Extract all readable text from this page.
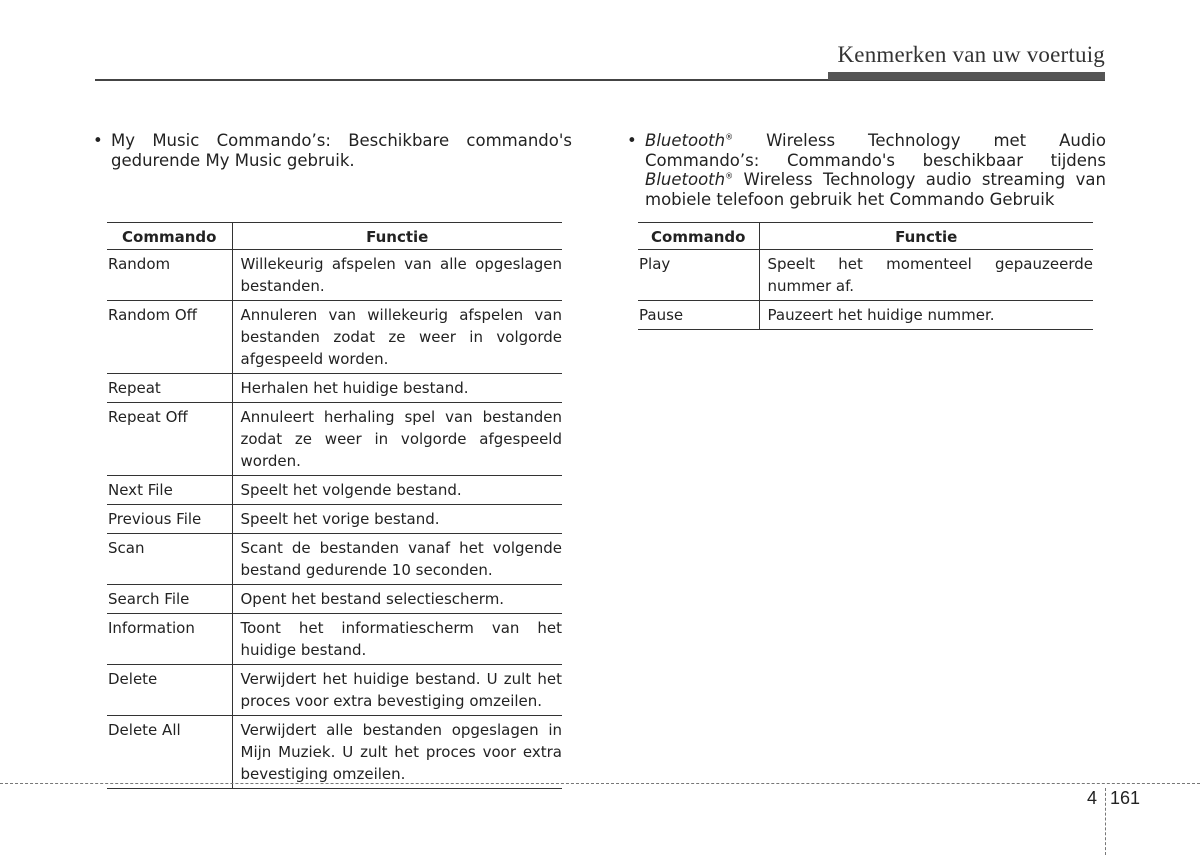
Kenmerken van uw voertuig
• My Music Commando’s: Beschikbare commando's gedurende My Music gebruik.
Commando	Functie
Random	Willekeurig afspelen van alle opgeslagen bestanden.
Random Off	Annuleren van willekeurig afspelen van bestanden zodat ze weer in volgorde afgespeeld worden.
Repeat	Herhalen het huidige bestand.
Repeat Off	Annuleert herhaling spel van bestanden zodat ze weer in volgorde afgespeeld worden.
Next File	Speelt het volgende bestand.
Previous File	Speelt het vorige bestand.
Scan	Scant de bestanden vanaf het volgende bestand gedurende 10 seconden.
Search File	Opent het bestand selectiescherm.
Information	Toont het informatiescherm van het huidige bestand.
Delete	Verwijdert het huidige bestand. U zult het proces voor extra bevestiging omzeilen.
Delete All	Verwijdert alle bestanden opgeslagen in Mijn Muziek. U zult het proces voor extra bevestiging omzeilen.
• Bluetooth® Wireless Technology met Audio Commando’s: Commando's beschikbaar tijdens Bluetooth® Wireless Technology audio streaming van mobiele telefoon gebruik het Commando Gebruik
Commando	Functie
Play	Speelt het momenteel gepauzeerde nummer af.
Pause	Pauzeert het huidige nummer.
4 161
